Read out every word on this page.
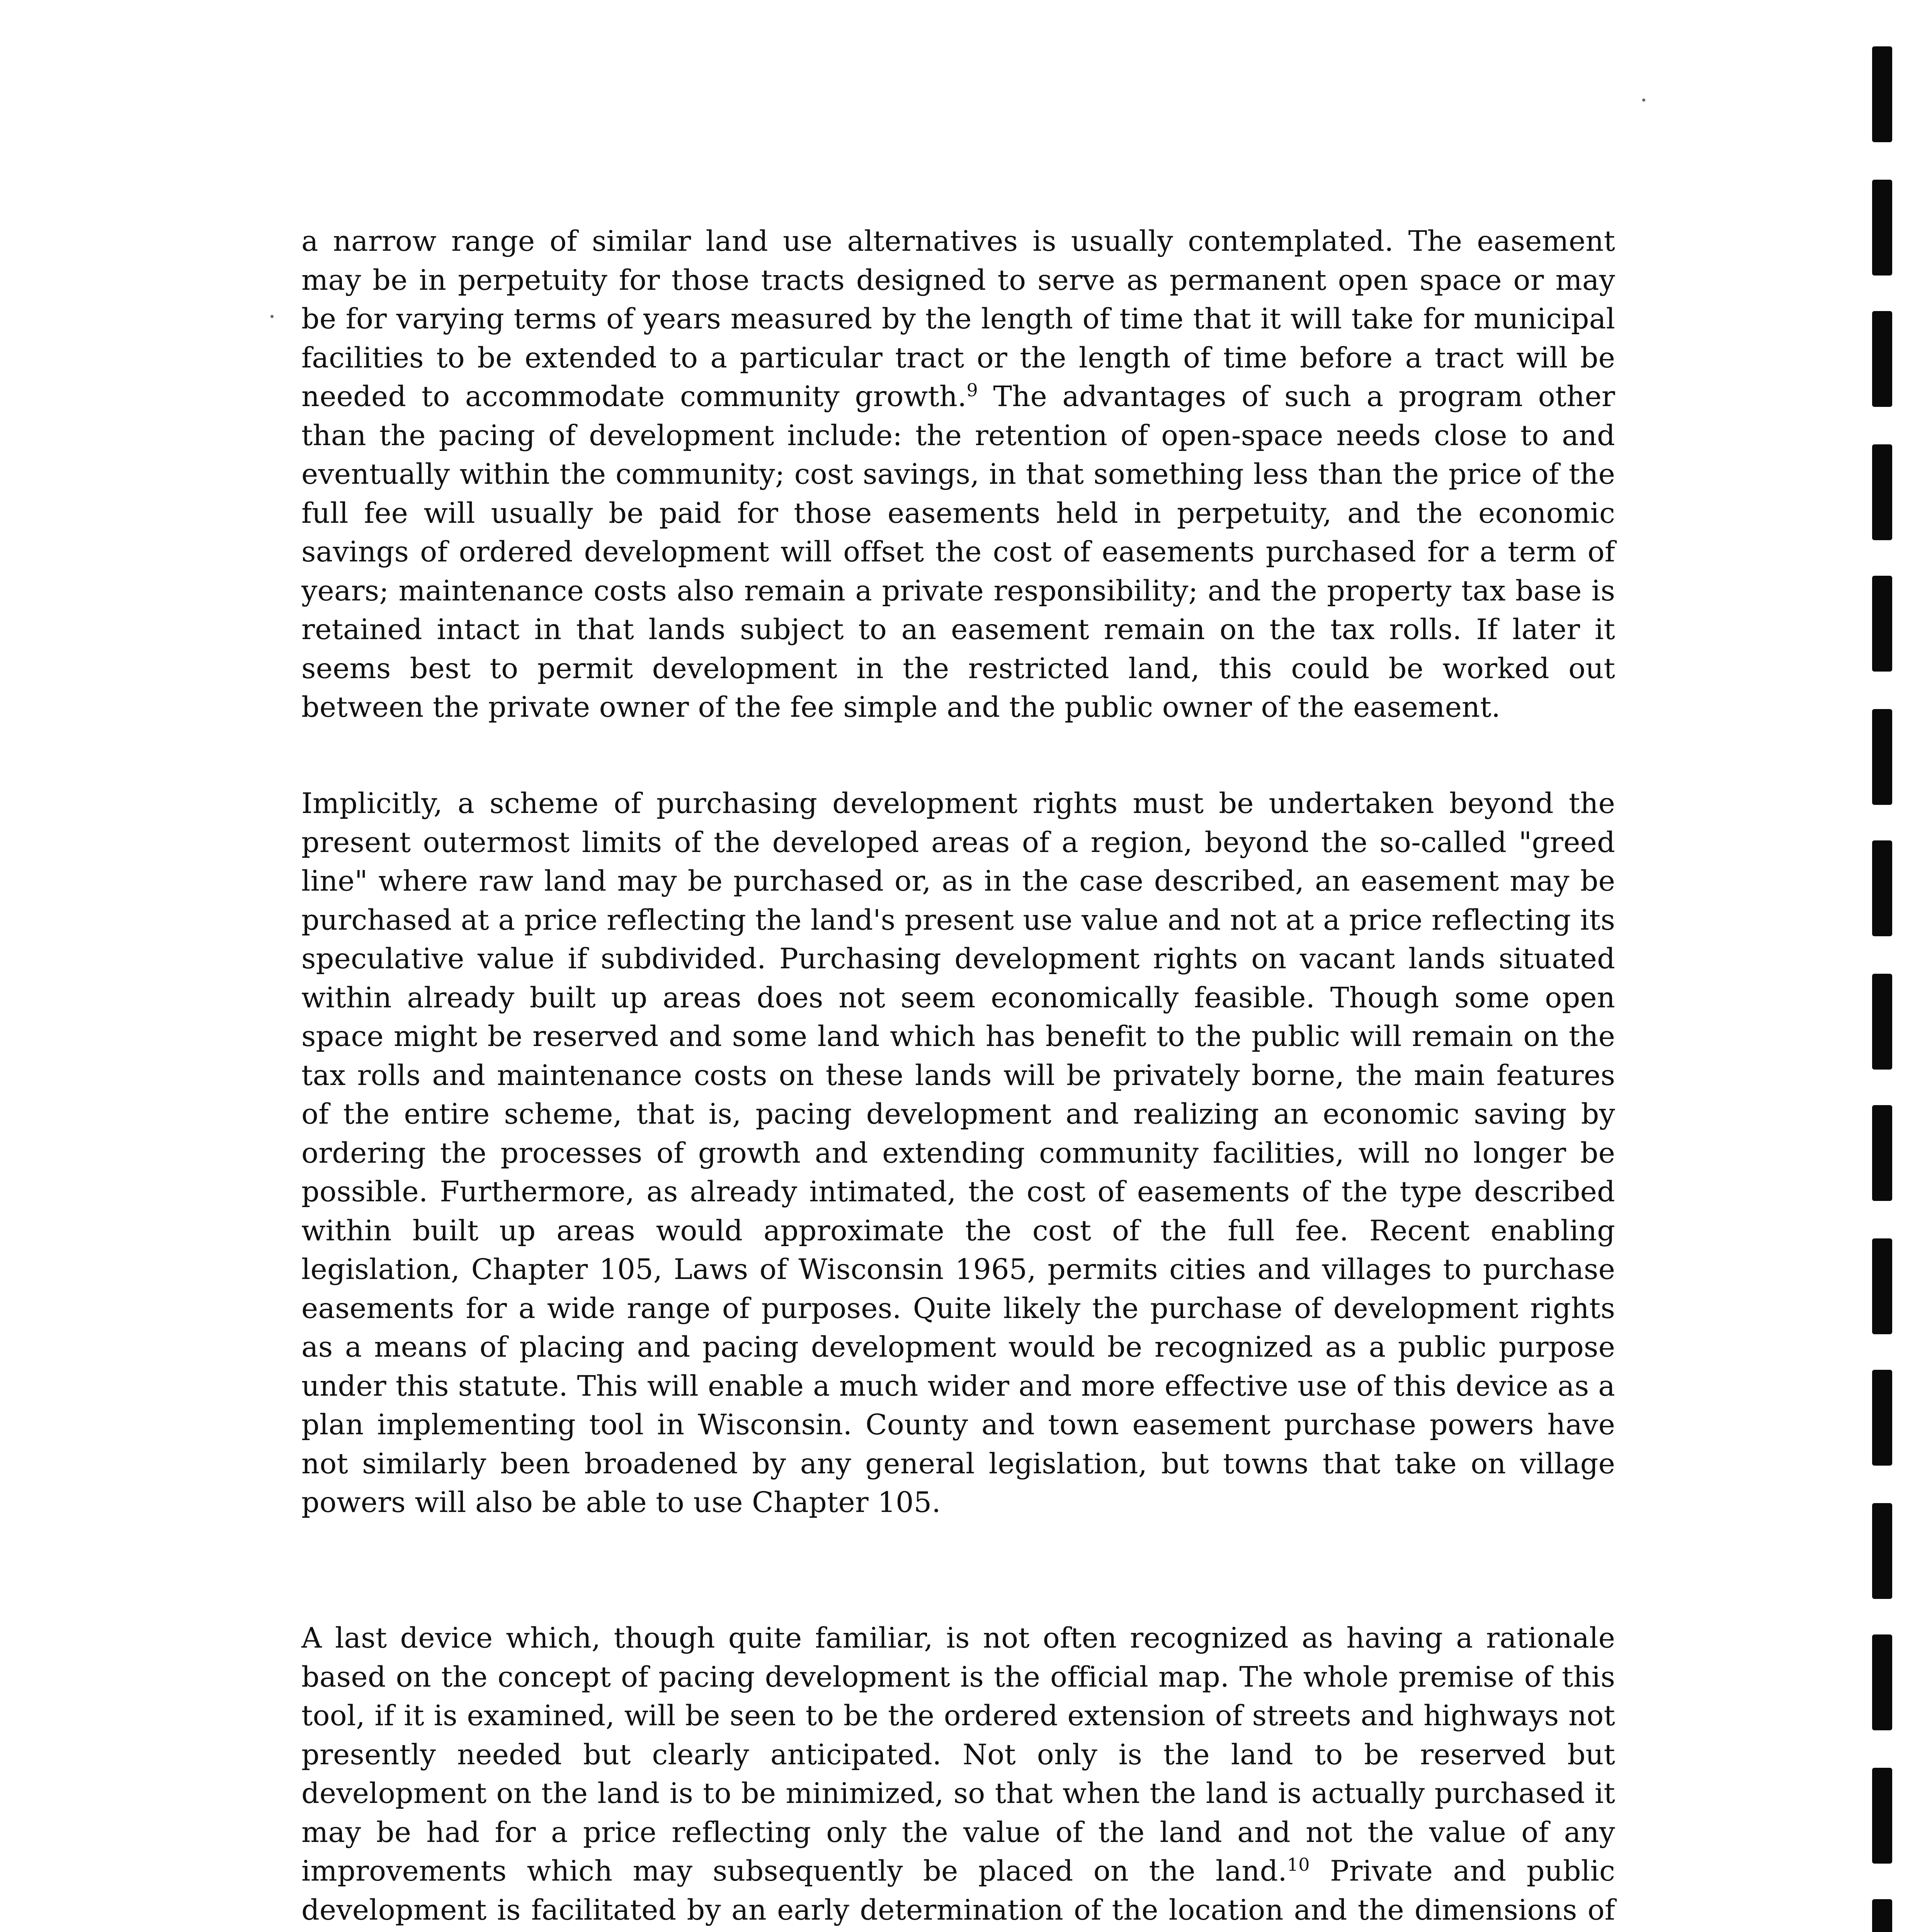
a narrow range of similar land use alternatives is usually contemplated. The easement may be in perpetuity for those tracts designed to serve as permanent open space or may be for varying terms of years measured by the length of time that it will take for municipal facilities to be extended to a particular tract or the length of time before a tract will be needed to accommodate community growth.$^9$ The advantages of such a program other than the pacing of development include: the retention of open-space needs close to and eventually within the community; cost savings, in that something less than the price of the full fee will usually be paid for those easements held in perpetuity, and the economic savings of ordered development will offset the cost of easements purchased for a term of years; maintenance costs also remain a private responsibility; and the property tax base is retained intact in that lands subject to an easement remain on the tax rolls. If later it seems best to permit development in the restricted land, this could be worked out between the private owner of the fee simple and the public owner of the easement.
Implicitly, a scheme of purchasing development rights must be undertaken beyond the present outermost limits of the developed areas of a region, beyond the so-called "greed line" where raw land may be purchased or, as in the case described, an easement may be purchased at a price reflecting the land's present use value and not at a price reflecting its speculative value if subdivided. Purchasing development rights on vacant lands situated within already built up areas does not seem economically feasible. Though some open space might be reserved and some land which has benefit to the public will remain on the tax rolls and maintenance costs on these lands will be privately borne, the main features of the entire scheme, that is, pacing development and realizing an economic saving by ordering the processes of growth and extending community facilities, will no longer be possible. Furthermore, as already intimated, the cost of easements of the type described within built up areas would approximate the cost of the full fee. Recent enabling legislation, Chapter 105, Laws of Wisconsin 1965, permits cities and villages to purchase easements for a wide range of purposes. Quite likely the purchase of development rights as a means of placing and pacing development would be recognized as a public purpose under this statute. This will enable a much wider and more effective use of this device as a plan implementing tool in Wisconsin. County and town easement purchase powers have not similarly been broadened by any general legislation, but towns that take on village powers will also be able to use Chapter 105.
A last device which, though quite familiar, is not often recognized as having a rationale based on the concept of pacing development is the official map. The whole premise of this tool, if it is examined, will be seen to be the ordered extension of streets and highways not presently needed but clearly anticipated. Not only is the land to be reserved but development on the land is to be minimized, so that when the land is actually purchased it may be had for a price reflecting only the value of the land and not the value of any improvements which may subsequently be placed on the land.$^{10}$ Private and public development is facilitated by an early determination of the location and the dimensions of
